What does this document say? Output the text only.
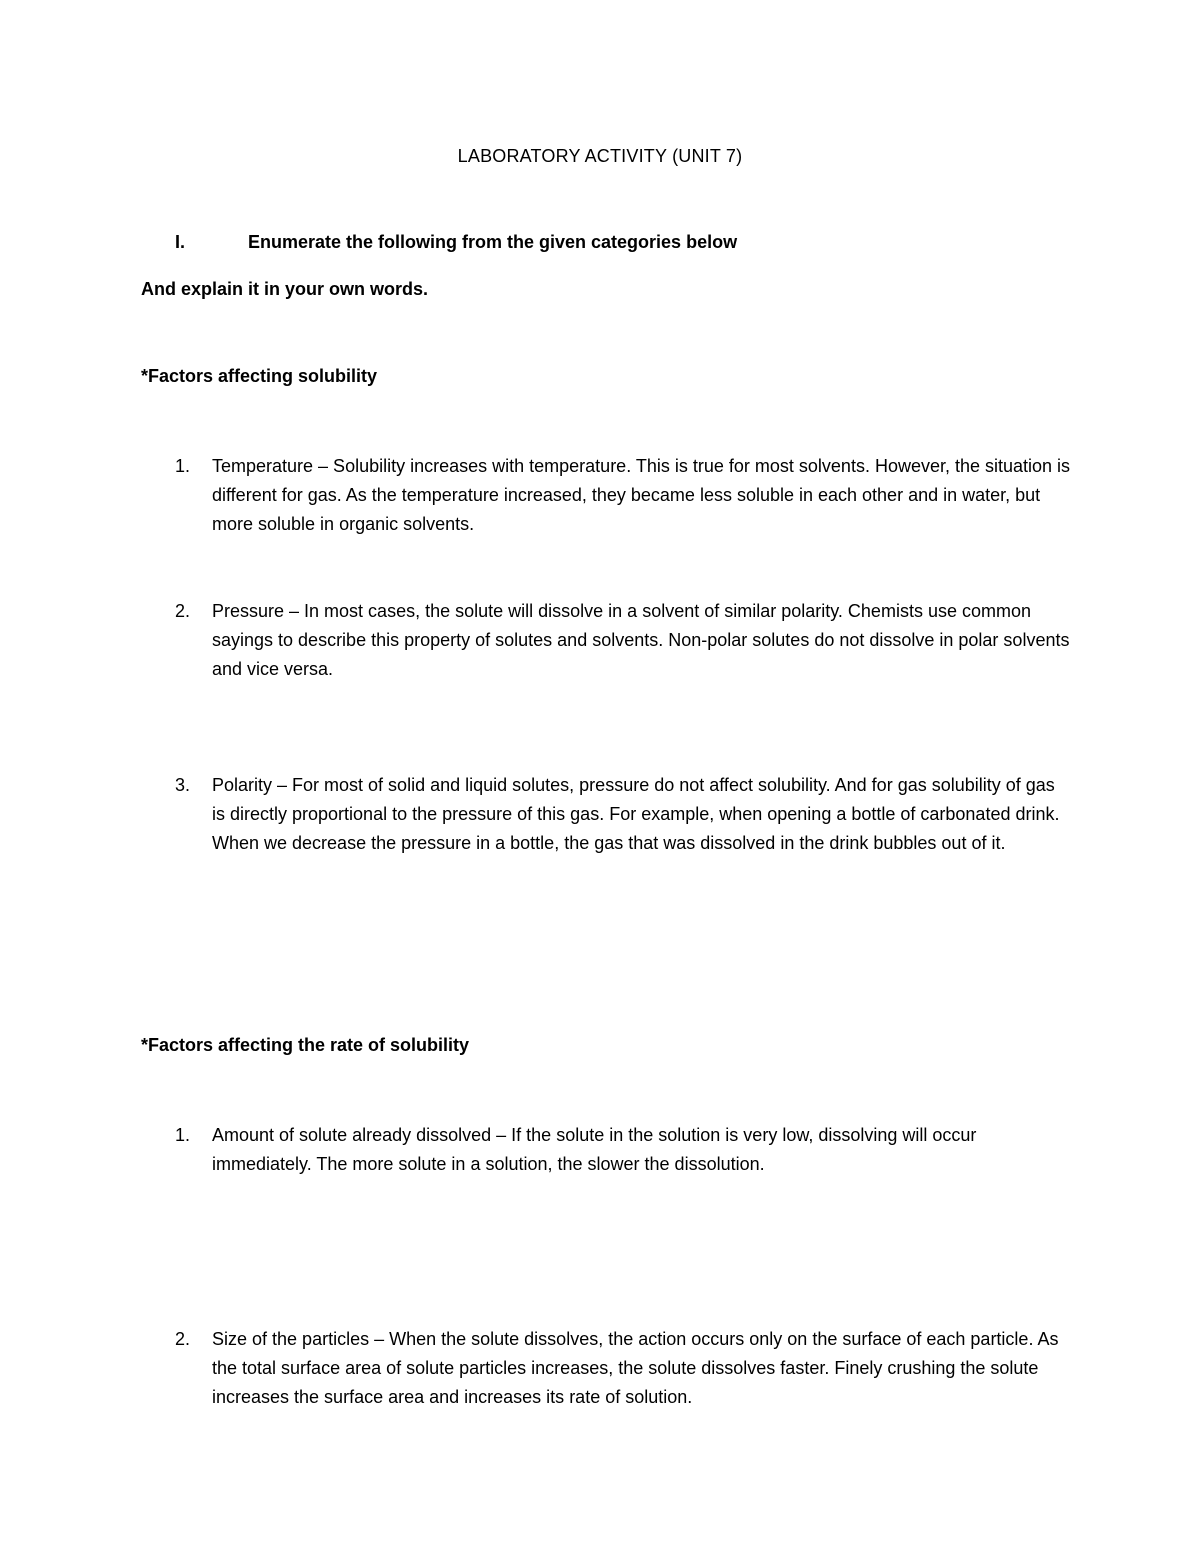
LABORATORY ACTIVITY (UNIT 7)
I.	Enumerate the following from the given categories below
And explain it in your own words.
*Factors affecting solubility
1. Temperature – Solubility increases with temperature. This is true for most solvents. However, the situation is different for gas. As the temperature increased, they became less soluble in each other and in water, but more soluble in organic solvents.
2. Pressure – In most cases, the solute will dissolve in a solvent of similar polarity. Chemists use common sayings to describe this property of solutes and solvents. Non-polar solutes do not dissolve in polar solvents and vice versa.
3. Polarity – For most of solid and liquid solutes, pressure do not affect solubility. And for gas solubility of gas is directly proportional to the pressure of this gas. For example, when opening a bottle of carbonated drink. When we decrease the pressure in a bottle, the gas that was dissolved in the drink bubbles out of it.
*Factors affecting the rate of solubility
1. Amount of solute already dissolved – If the solute in the solution is very low, dissolving will occur immediately. The more solute in a solution, the slower the dissolution.
2. Size of the particles – When the solute dissolves, the action occurs only on the surface of each particle. As the total surface area of solute particles increases, the solute dissolves faster. Finely crushing the solute increases the surface area and increases its rate of solution.
